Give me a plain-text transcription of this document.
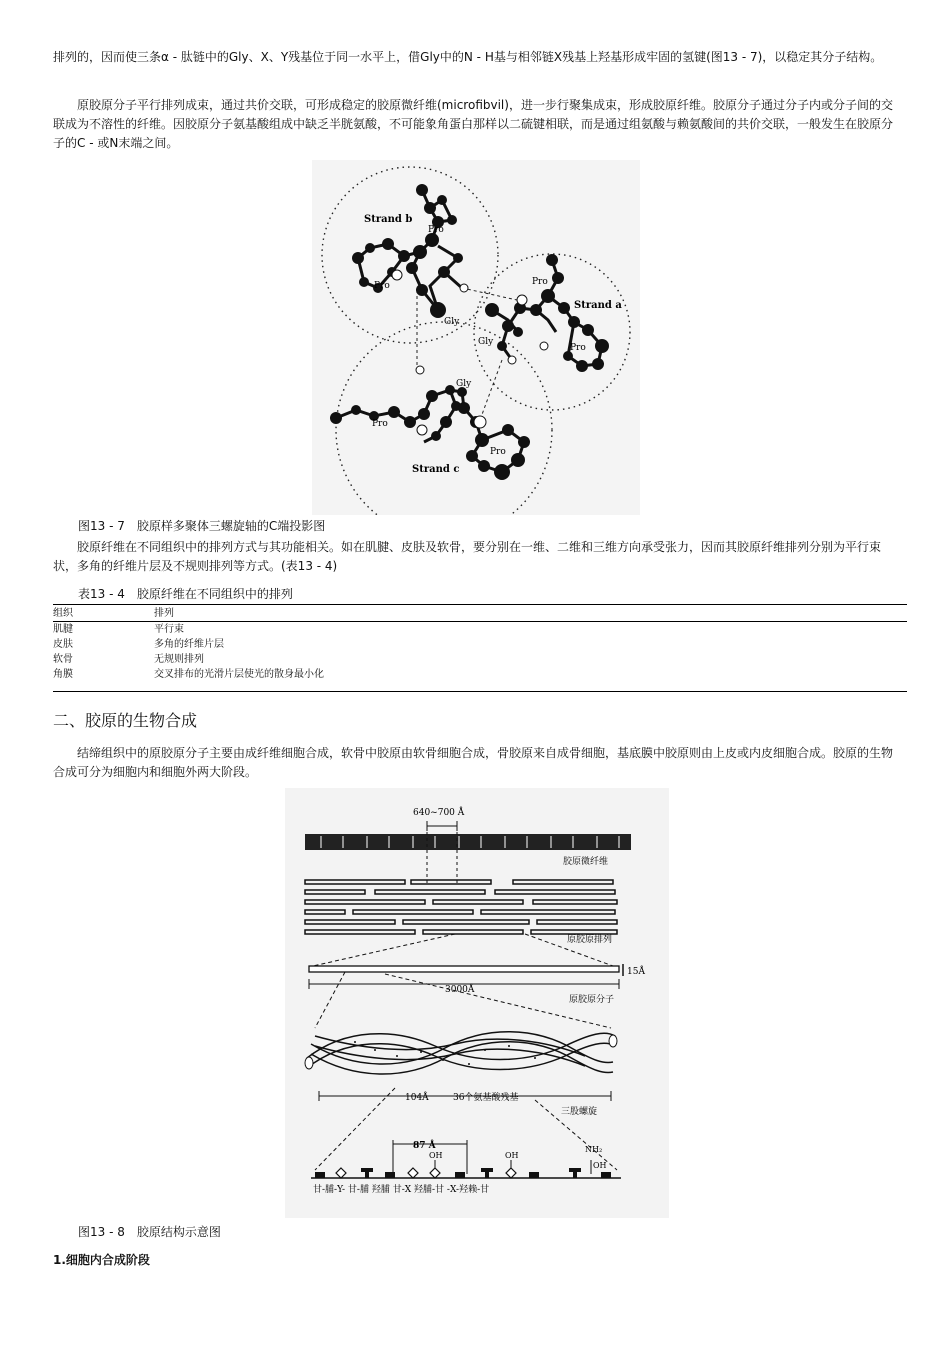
排列的，因而使三条α - 肽链中的Gly、X、Y残基位于同一水平上，借Gly中的N - H基与相邻链X残基上羟基形成牢固的氢键(图13 - 7)，以稳定其分子结构。

原胶原分子平行排列成束，通过共价交联，可形成稳定的胶原微纤维(microfibvil)，进一步行聚集成束，形成胶原纤维。胶原分子通过分子内或分子间的交联成为不溶性的纤维。因胶原分子氨基酸组成中缺乏半胱氨酸，不可能象角蛋白那样以二硫键相联，而是通过组氨酸与赖氨酸间的共价交联，一般发生在胶原分子的C - 或N末端之间。

Strand b
Pro
Pro
Gly
Strand a
Pro
Pro
Gly
Gly
Pro
Pro
Strand c

图13 - 7　胶原样多聚体三螺旋轴的C端投影图

胶原纤维在不同组织中的排列方式与其功能相关。如在肌腱、皮肤及软骨，要分别在一维、二维和三维方向承受张力，因而其胶原纤维排列分别为平行束状，多角的纤维片层及不规则排列等方式。(表13 - 4)

表13 - 4　胶原纤维在不同组织中的排列

组织	排列
肌腱	平行束
皮肤	多角的纤维片层
软骨	无规则排列
角膜	交叉排布的光滑片层使光的散身最小化
二、胶原的生物合成

结缔组织中的原胶原分子主要由成纤维细胞合成，软骨中胶原由软骨细胞合成，骨胶原来自成骨细胞，基底膜中胶原则由上皮或内皮细胞合成。胶原的生物合成可分为细胞内和细胞外两大阶段。

640~700 Å
胶原微纤维
原胶原排列
15Å
3000Å
原胶原分子
104Å	36个氨基酸残基
三股螺旋
87 Å
OH	OH
NH₂
OH
甘-脯-Y- 甘-脯 羟脯 甘-X 羟脯-甘 -X-羟赖-甘

图13 - 8　胶原结构示意图

1.细胞内合成阶段
